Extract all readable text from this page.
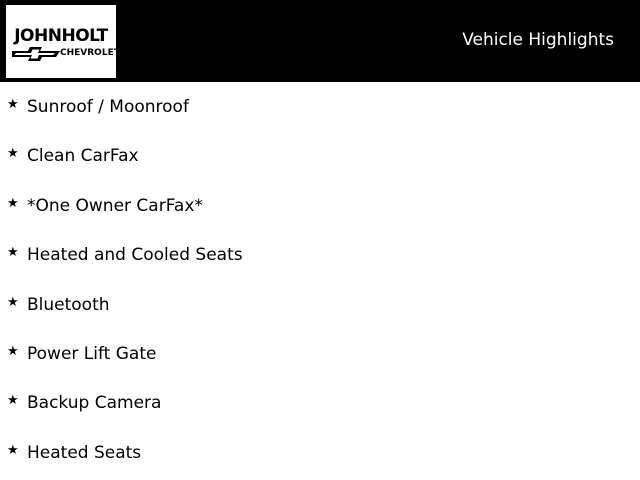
JOHNHOLT
CHEVROLET
Vehicle Highlights
★ Sunroof / Moonroof
★ Clean CarFax
★ *One Owner CarFax*
★ Heated and Cooled Seats
★ Bluetooth
★ Power Lift Gate
★ Backup Camera
★ Heated Seats
